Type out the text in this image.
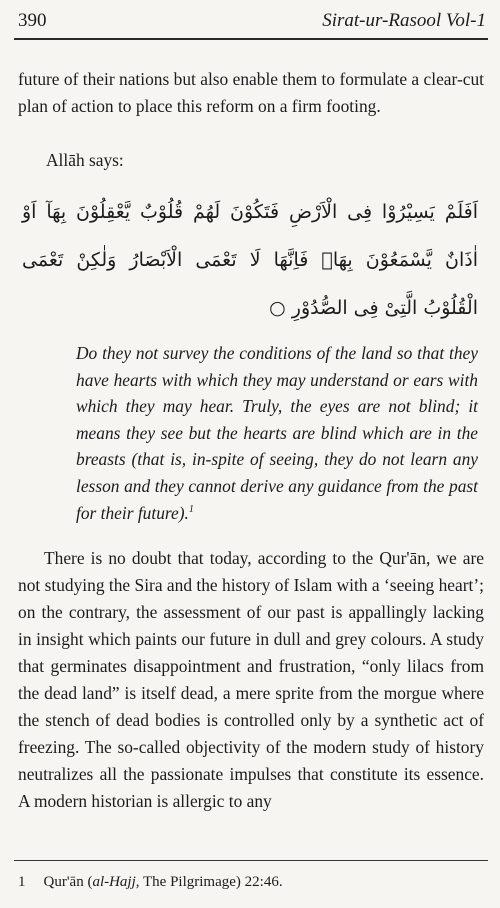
390	Sirat-ur-Rasool Vol-1
future of their nations but also enable them to formulate a clear-cut plan of action to place this reform on a firm footing.
Allāh says:
اَفَلَمْ يَسِيْرُوْا فِى الْاَرْضِ فَتَكُوْنَ لَهُمْ قُلُوْبٌ يَّعْقِلُوْنَ بِهَآ اَوْ
اٰذَانٌ يَّسْمَعُوْنَ بِهَاۚ فَاِنَّهَا لَا تَعْمَى الْاَبْصَارُ وَلٰكِنْ تَعْمَى
الْقُلُوْبُ الَّتِىْ فِى الصُّدُوْرِ ○
Do they not survey the conditions of the land so that they have hearts with which they may understand or ears with which they may hear. Truly, the eyes are not blind; it means they see but the hearts are blind which are in the breasts (that is, in-spite of seeing, they do not learn any lesson and they cannot derive any guidance from the past for their future).$^1$
There is no doubt that today, according to the Qur'ān, we are not studying the Sira and the history of Islam with a ‘seeing heart’; on the contrary, the assessment of our past is appallingly lacking in insight which paints our future in dull and grey colours. A study that germinates disappointment and frustration, “only lilacs from the dead land” is itself dead, a mere sprite from the morgue where the stench of dead bodies is controlled only by a synthetic act of freezing. The so-called objectivity of the modern study of history neutralizes all the passionate impulses that constitute its essence. A modern historian is allergic to any
1 Qur'ān (al-Hajj, The Pilgrimage) 22:46.
